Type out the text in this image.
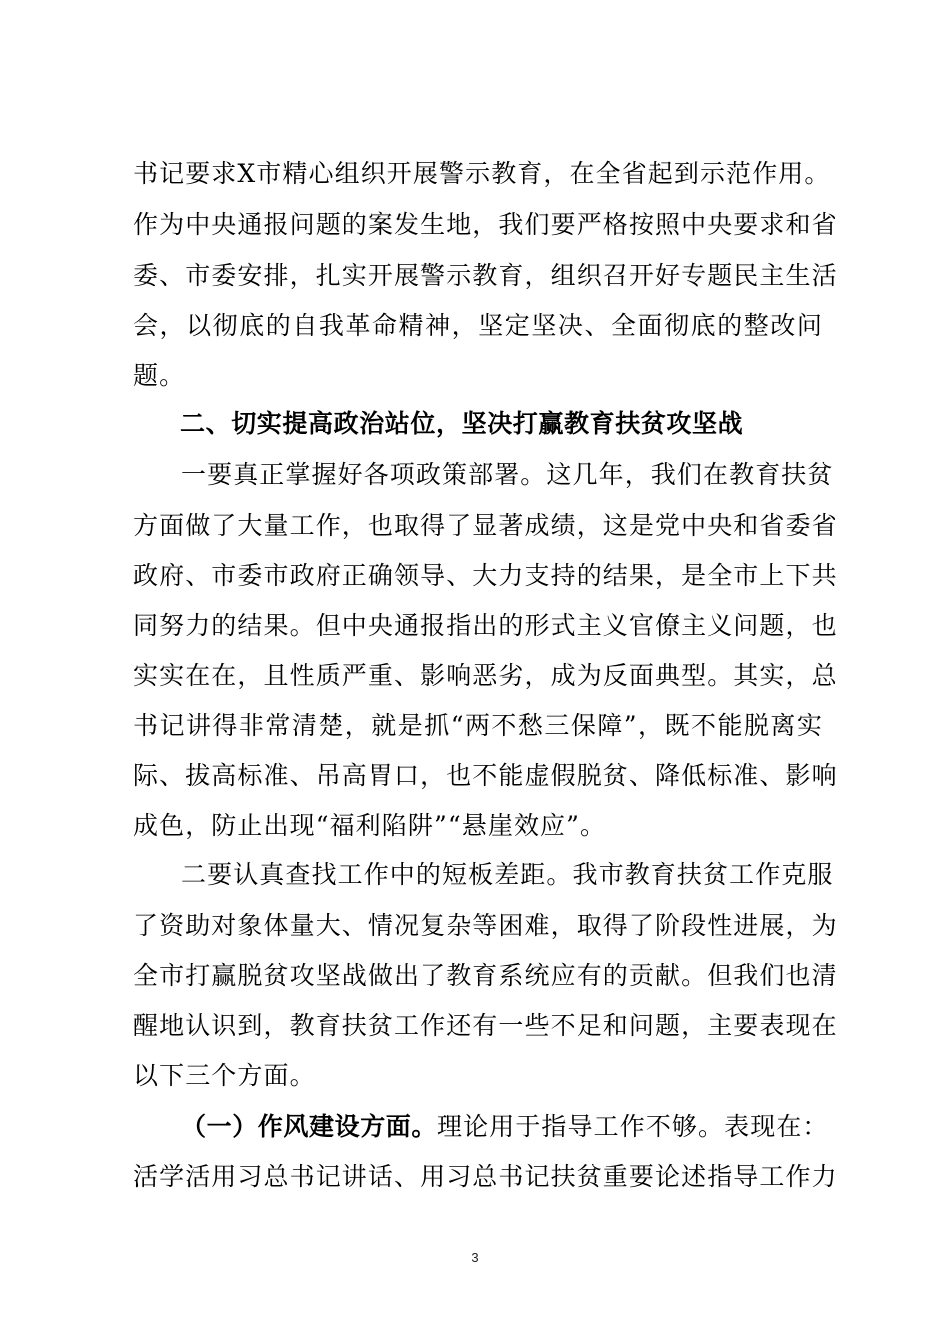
书记要求X市精心组织开展警示教育，在全省起到示范作用。
作为中央通报问题的案发生地，我们要严格按照中央要求和省
委、市委安排，扎实开展警示教育，组织召开好专题民主生活
会，以彻底的自我革命精神，坚定坚决、全面彻底的整改问
题。
二、切实提高政治站位，坚决打赢教育扶贫攻坚战
一要真正掌握好各项政策部署。这几年，我们在教育扶贫
方面做了大量工作，也取得了显著成绩，这是党中央和省委省
政府、市委市政府正确领导、大力支持的结果，是全市上下共
同努力的结果。但中央通报指出的形式主义官僚主义问题，也
实实在在，且性质严重、影响恶劣，成为反面典型。其实，总
书记讲得非常清楚，就是抓“两不愁三保障”，既不能脱离实
际、拔高标准、吊高胃口，也不能虚假脱贫、降低标准、影响
成色，防止出现“福利陷阱”“悬崖效应”。
二要认真查找工作中的短板差距。我市教育扶贫工作克服
了资助对象体量大、情况复杂等困难，取得了阶段性进展，为
全市打赢脱贫攻坚战做出了教育系统应有的贡献。但我们也清
醒地认识到，教育扶贫工作还有一些不足和问题，主要表现在
以下三个方面。
（一）作风建设方面。理论用于指导工作不够。表现在：
活学活用习总书记讲话、用习总书记扶贫重要论述指导工作力
3
